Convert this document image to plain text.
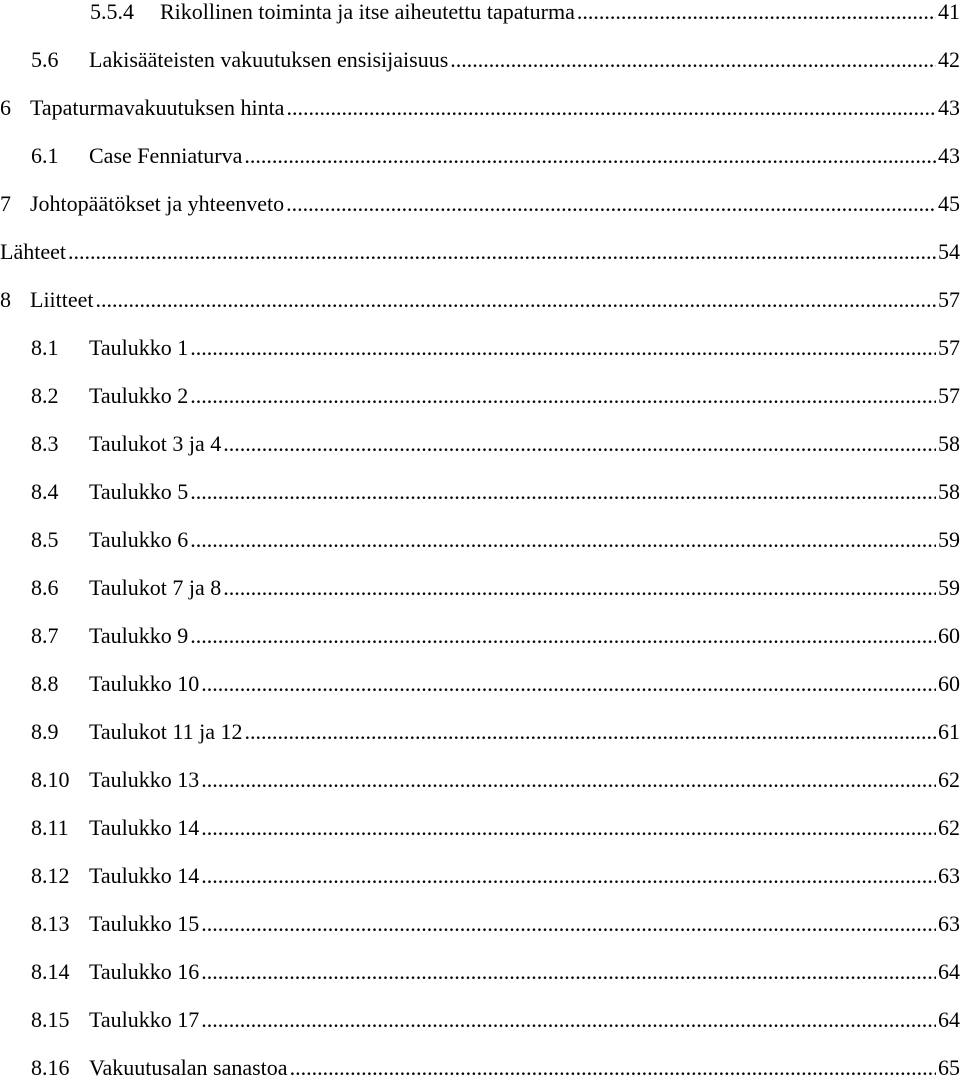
5.5.4	Rikollinen toiminta ja itse aiheutettu tapaturma .....	41
5.6	Lakisääteisten vakuutuksen ensisijaisuus .....	42
6 Tapaturmavakuutuksen hinta .....	43
6.1	Case Fenniaturva .....	43
7 Johtopäätökset ja yhteenveto .....	45
Lähteet .....	54
8 Liitteet .....	57
8.1	Taulukko 1 .....	57
8.2	Taulukko 2 .....	57
8.3	Taulukot 3 ja 4 .....	58
8.4	Taulukko 5 .....	58
8.5	Taulukko 6 .....	59
8.6	Taulukot 7 ja 8 .....	59
8.7	Taulukko 9 .....	60
8.8	Taulukko 10 .....	60
8.9	Taulukot 11 ja 12 .....	61
8.10 Taulukko 13 .....	62
8.11 Taulukko 14 .....	62
8.12 Taulukko 14 .....	63
8.13 Taulukko 15 .....	63
8.14 Taulukko 16 .....	64
8.15 Taulukko 17 .....	64
8.16 Vakuutusalan sanastoa .....	65
